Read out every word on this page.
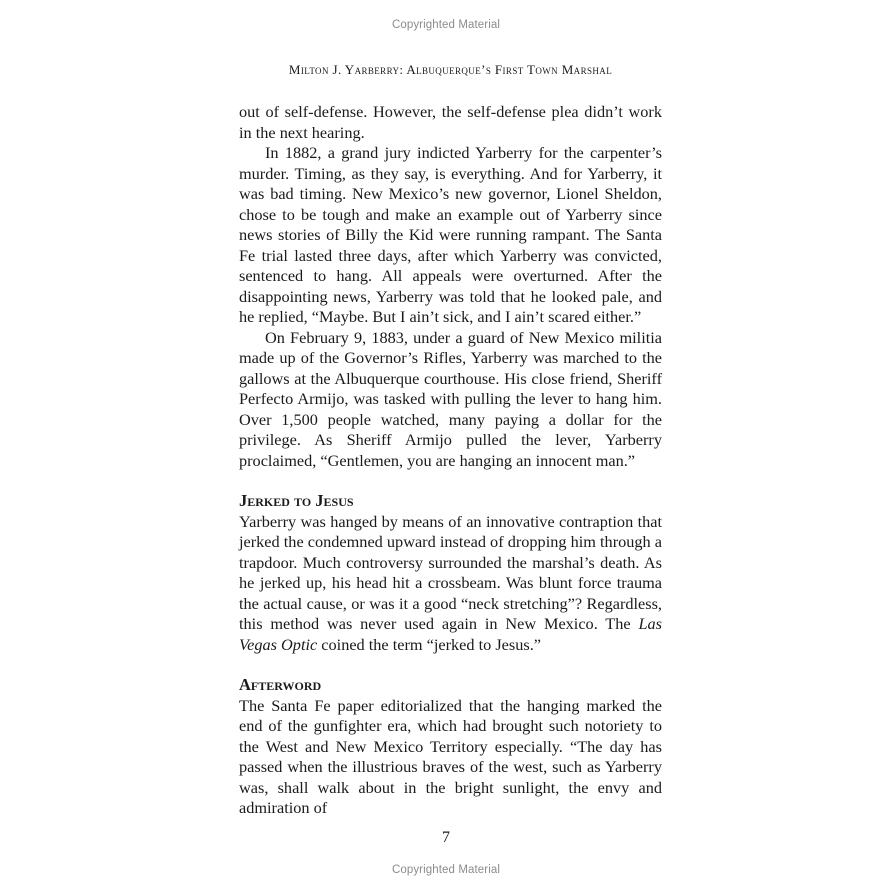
Copyrighted Material
Milton J. Yarberry: Albuquerque’s First Town Marshal

out of self-defense. However, the self-defense plea didn’t work in the next hearing.

In 1882, a grand jury indicted Yarberry for the carpenter’s murder. Timing, as they say, is everything. And for Yarberry, it was bad timing. New Mexico’s new governor, Lionel Sheldon, chose to be tough and make an example out of Yarberry since news stories of Billy the Kid were running rampant. The Santa Fe trial lasted three days, after which Yarberry was convicted, sentenced to hang. All appeals were overturned. After the disappointing news, Yarberry was told that he looked pale, and he replied, “Maybe. But I ain’t sick, and I ain’t scared either.”

On February 9, 1883, under a guard of New Mexico militia made up of the Governor’s Rifles, Yarberry was marched to the gallows at the Albuquerque courthouse. His close friend, Sheriff Perfecto Armijo, was tasked with pulling the lever to hang him. Over 1,500 people watched, many paying a dollar for the privilege. As Sheriff Armijo pulled the lever, Yarberry proclaimed, “Gentlemen, you are hanging an innocent man.”

Jerked to Jesus

Yarberry was hanged by means of an innovative contraption that jerked the condemned upward instead of dropping him through a trapdoor. Much controversy surrounded the marshal’s death. As he jerked up, his head hit a crossbeam. Was blunt force trauma the actual cause, or was it a good “neck stretching”? Regardless, this method was never used again in New Mexico. The Las Vegas Optic coined the term “jerked to Jesus.”

Afterword

The Santa Fe paper editorialized that the hanging marked the end of the gunfighter era, which had brought such notoriety to the West and New Mexico Territory especially. “The day has passed when the illustrious braves of the west, such as Yarberry was, shall walk about in the bright sunlight, the envy and admiration of

7
Copyrighted Material
